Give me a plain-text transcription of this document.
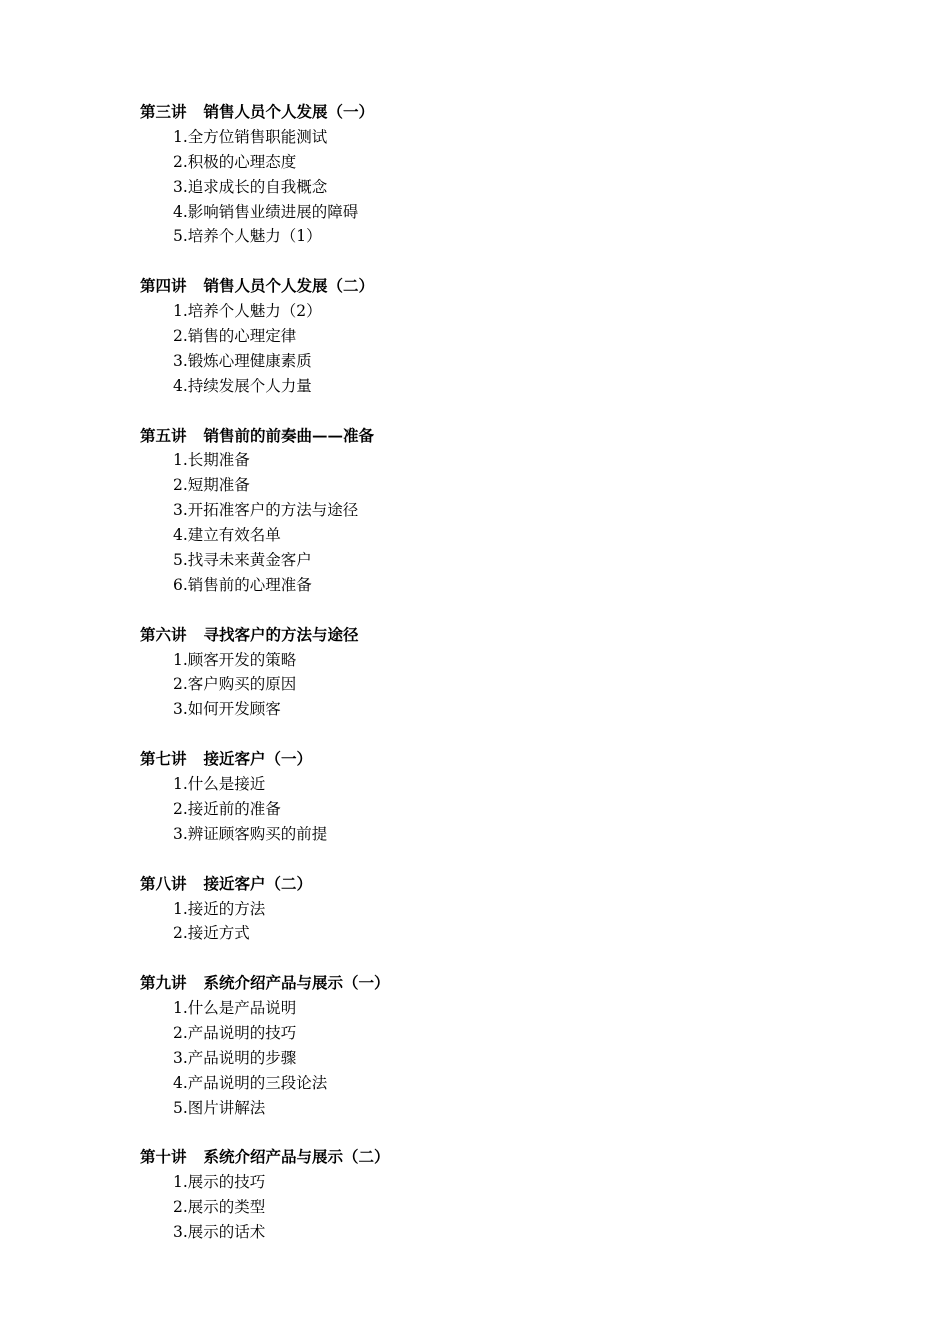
第三讲 销售人员个人发展（一）
1.全方位销售职能测试
2.积极的心理态度
3.追求成长的自我概念
4.影响销售业绩进展的障碍
5.培养个人魅力（1）
第四讲 销售人员个人发展（二）
1.培养个人魅力（2）
2.销售的心理定律
3.锻炼心理健康素质
4.持续发展个人力量
第五讲 销售前的前奏曲——准备
1.长期准备
2.短期准备
3.开拓准客户的方法与途径
4.建立有效名单
5.找寻未来黄金客户
6.销售前的心理准备
第六讲 寻找客户的方法与途径
1.顾客开发的策略
2.客户购买的原因
3.如何开发顾客
第七讲 接近客户（一）
1.什么是接近
2.接近前的准备
3.辨证顾客购买的前提
第八讲 接近客户（二）
1.接近的方法
2.接近方式
第九讲 系统介绍产品与展示（一）
1.什么是产品说明
2.产品说明的技巧
3.产品说明的步骤
4.产品说明的三段论法
5.图片讲解法
第十讲 系统介绍产品与展示（二）
1.展示的技巧
2.展示的类型
3.展示的话术
